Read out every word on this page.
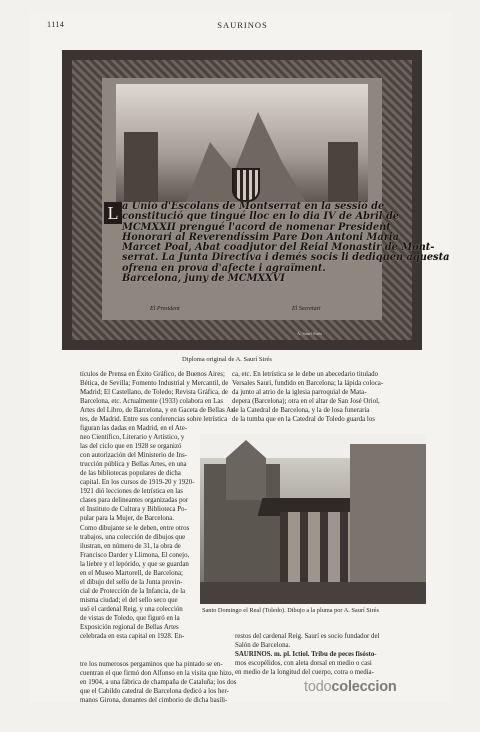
1114	SAURINOS
L a Unió d'Escolans de Montserrat en la sessió de
constitució que tingué lloc en lo dia IV de Abril de
MCMXXII prengué l'acord de nomenar President
Honorari al Reverendíssim Pare Don Antoni Maria
Marcet Poal, Abat coadjutor del Reial Monastir de Mont-
serrat. La Junta Directiva i demés socis li dediquen aquesta
ofrena en prova d'afecte i agraïment.
Barcelona, juny de MCMXXVI
El President	El Secretari
A. Saurí Sirés
Diploma original de A. Saurí Sirés
tículos de Prensa en Éxito Gráfico, de Buenos Aires;
Bética, de Sevilla; Fomento Industrial y Mercantil, de
Madrid; El Castellano, de Toledo; Revista Gráfica, de
Barcelona, etc. Actualmente (1933) colabora en Las
Artes del Libro, de Barcelona, y en Gaceta de Bellas Ar-
tes, de Madrid. Entre sus conferencias sobre letrística
figuran las dadas en Madrid, en el Ate-
neo Científico, Literario y Artístico, y
las del ciclo que en 1928 se organizó
con autorización del Ministerio de Ins-
trucción pública y Bellas Artes, en una
de las bibliotecas populares de dicha
capital. En los cursos de 1919-20 y 1920-
1921 dió lecciones de letrística en las
clases para delineantes organizadas por
el Instituto de Cultura y Biblioteca Po-
pular para la Mujer, de Barcelona.
Como dibujante se le deben, entre otros
trabajos, una colección de dibujos que
ilustran, en número de 31, la obra de
Francisco Darder y Llimona, El conejo,
la liebre y el lepórido, y que se guardan
en el Museo Martorell, de Barcelona;
el dibujo del sello de la Junta provin-
cial de Protección de la Infancia, de la
misma ciudad; el del sello seco que
usó el cardenal Reig, y una colección
de vistas de Toledo, que figuró en la
Exposición regional de Bellas Artes
celebrada en esta capital en 1928. En-
tre los numerosos pergaminos que ha pintado se en-
cuentran el que firmó don Alfonso en la visita que hizo,
en 1904, a una fábrica de champaña de Cataluña; los dos
que el Cabildo catedral de Barcelona dedicó a los her-
manos Girona, donantes del cimborio de dicha basíli-
ca, etc. En letrística se le debe un abecedario titulado
Versales Saurí, fundido en Barcelona; la lápida coloca-
da junto al atrio de la iglesia parroquial de Mata-
depera (Barcelona); otra en el altar de San José Oriol,
de la Catedral de Barcelona, y la de losa funeraria
de la tumba que en la Catedral de Toledo guarda los
Santo Domingo el Real (Toledo). Dibujo a la pluma por A. Saurí Sirés
restos del cardenal Reig. Saurí es socio fundador del
Salón de Barcelona.
SAURINOS. m. pl. Ictiol. Tribu de peces fisósto-
mos escopélidos, con aleta dorsal en medio o casi
en medio de la longitud del cuerpo, cotra o media-
todocoleccion
